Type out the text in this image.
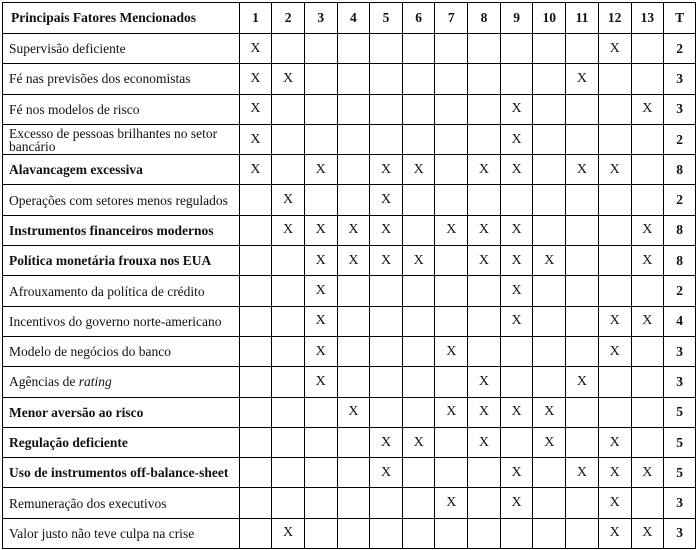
Principais Fatores Mencionados	1	2	3	4	5	6	7	8	9	10	11	12	13	T
Supervisão deficiente	X											X		2
Fé nas previsões dos economistas	X	X									X			3
Fé nos modelos de risco	X								X				X	3
Excesso de pessoas brilhantes no setor bancário	X								X					2
Alavancagem excessiva	X		X		X	X		X	X		X	X		8
Operações com setores menos regulados		X			X									2
Instrumentos financeiros modernos		X	X	X	X		X	X	X				X	8
Política monetária frouxa nos EUA			X	X	X	X		X	X	X			X	8
Afrouxamento da política de crédito			X						X					2
Incentivos do governo norte-americano			X						X			X	X	4
Modelo de negócios do banco			X				X					X		3
Agências de rating			X					X			X			3
Menor aversão ao risco				X			X	X	X	X				5
Regulação deficiente					X	X		X		X		X		5
Uso de instrumentos off-balance-sheet					X				X		X	X	X	5
Remuneração dos executivos							X		X			X		3
Valor justo não teve culpa na crise		X										X	X	3
